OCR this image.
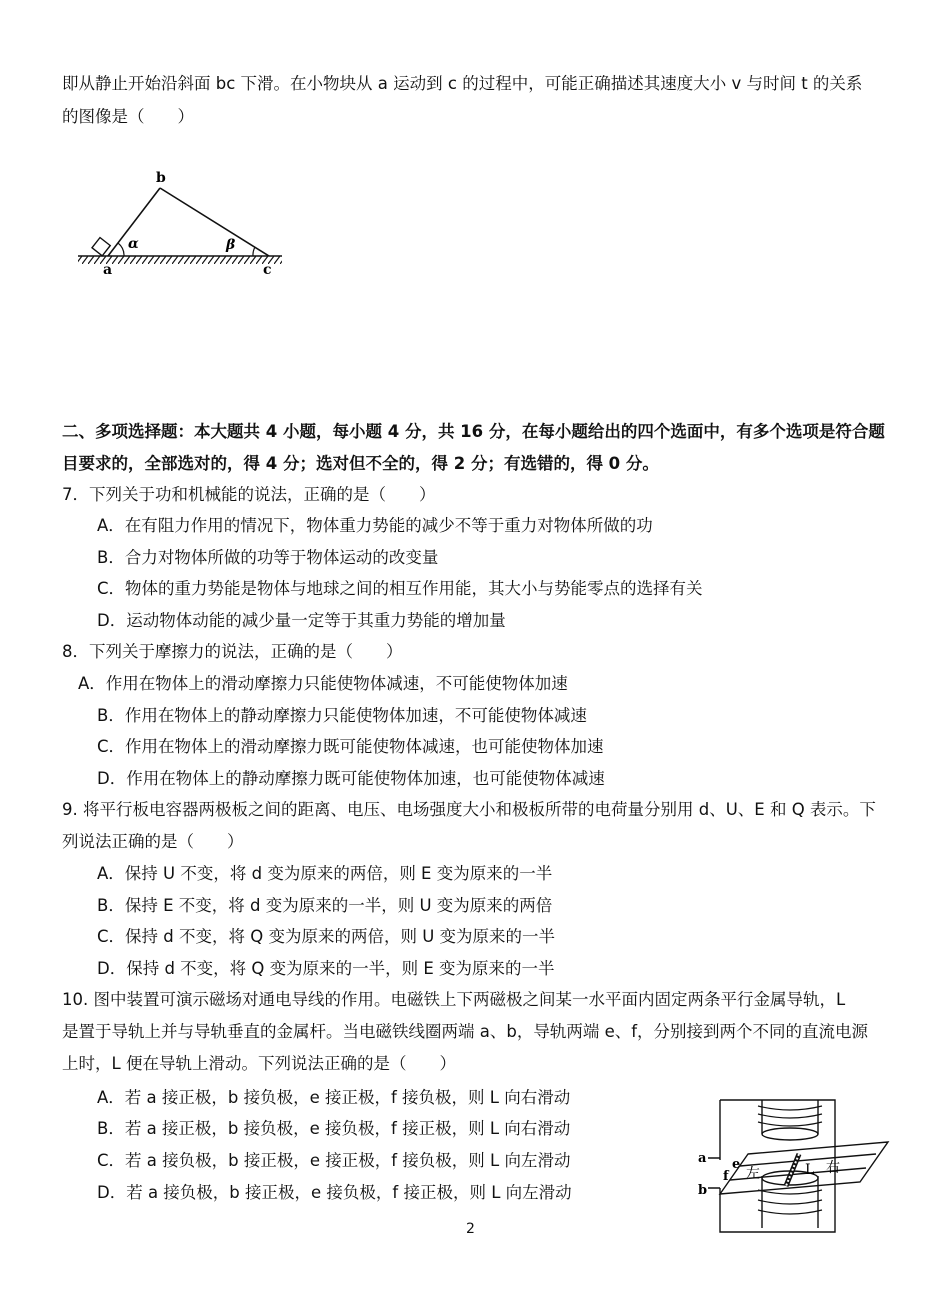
即从静止开始沿斜面 bc 下滑。在小物块从 a 运动到 c 的过程中，可能正确描述其速度大小 v 与时间 t 的关系
的图像是（　　）
b
α	β
a	c
二、多项选择题：本大题共 4 小题，每小题 4 分，共 16 分，在每小题给出的四个选面中，有多个选项是符合题
目要求的，全部选对的，得 4 分；选对但不全的，得 2 分；有选错的，得 0 分。
7．下列关于功和机械能的说法，正确的是（　　）
A．在有阻力作用的情况下，物体重力势能的减少不等于重力对物体所做的功
B．合力对物体所做的功等于物体运动的改变量
C．物体的重力势能是物体与地球之间的相互作用能，其大小与势能零点的选择有关
D．运动物体动能的减少量一定等于其重力势能的增加量
8．下列关于摩擦力的说法，正确的是（　　）
A．作用在物体上的滑动摩擦力只能使物体减速，不可能使物体加速
B．作用在物体上的静动摩擦力只能使物体加速，不可能使物体减速
C．作用在物体上的滑动摩擦力既可能使物体减速，也可能使物体加速
D．作用在物体上的静动摩擦力既可能使物体加速，也可能使物体减速
9. 将平行板电容器两极板之间的距离、电压、电场强度大小和极板所带的电荷量分别用 d、U、E 和 Q 表示。下
列说法正确的是（　　）
A．保持 U 不变，将 d 变为原来的两倍，则 E 变为原来的一半
B．保持 E 不变，将 d 变为原来的一半，则 U 变为原来的两倍
C．保持 d 不变，将 Q 变为原来的两倍，则 U 变为原来的一半
D．保持 d 不变，将 Q 变为原来的一半，则 E 变为原来的一半
10. 图中装置可演示磁场对通电导线的作用。电磁铁上下两磁极之间某一水平面内固定两条平行金属导轨，L
是置于导轨上并与导轨垂直的金属杆。当电磁铁线圈两端 a、b，导轨两端 e、f，分别接到两个不同的直流电源
上时，L 便在导轨上滑动。下列说法正确的是（　　）
A．若 a 接正极，b 接负极，e 接正极，f 接负极，则 L 向右滑动
B．若 a 接正极，b 接负极，e 接负极，f 接正极，则 L 向右滑动
C．若 a 接负极，b 接正极，e 接正极，f 接负极，则 L 向左滑动
D．若 a 接负极，b 接正极，e 接负极，f 接正极，则 L 向左滑动
a
b
e
f 左	L 右
2
